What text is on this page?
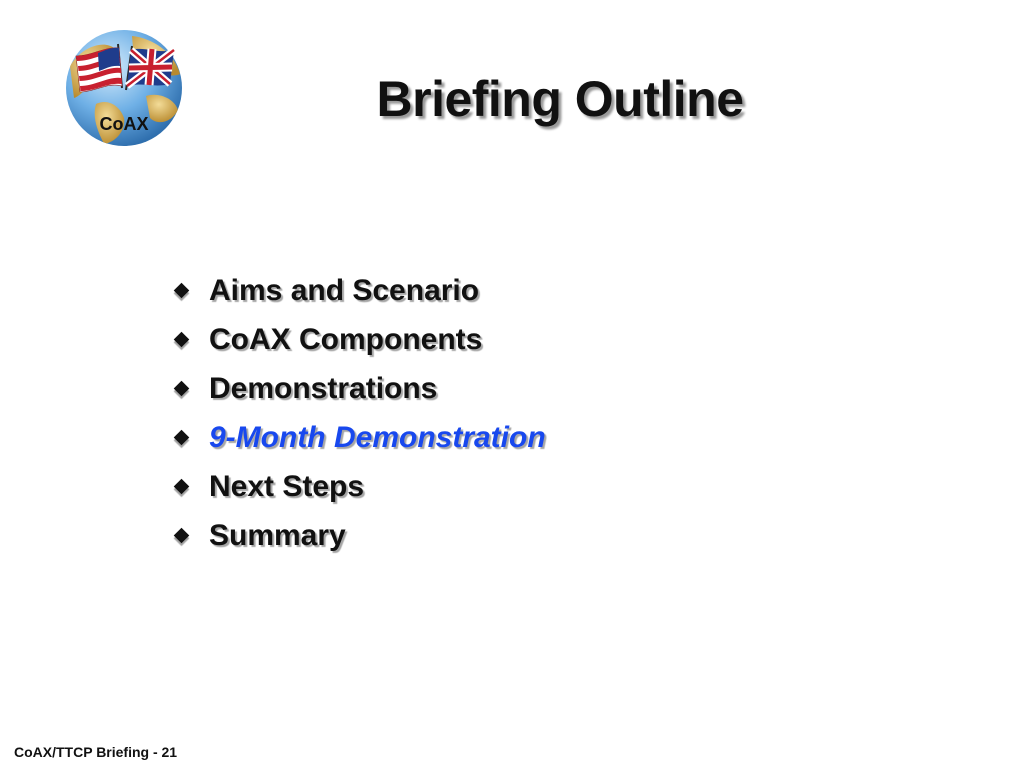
CoAX	Briefing Outline
Aims and Scenario
CoAX Components
Demonstrations
9-Month Demonstration
Next Steps
Summary
CoAX/TTCP Briefing - 21
